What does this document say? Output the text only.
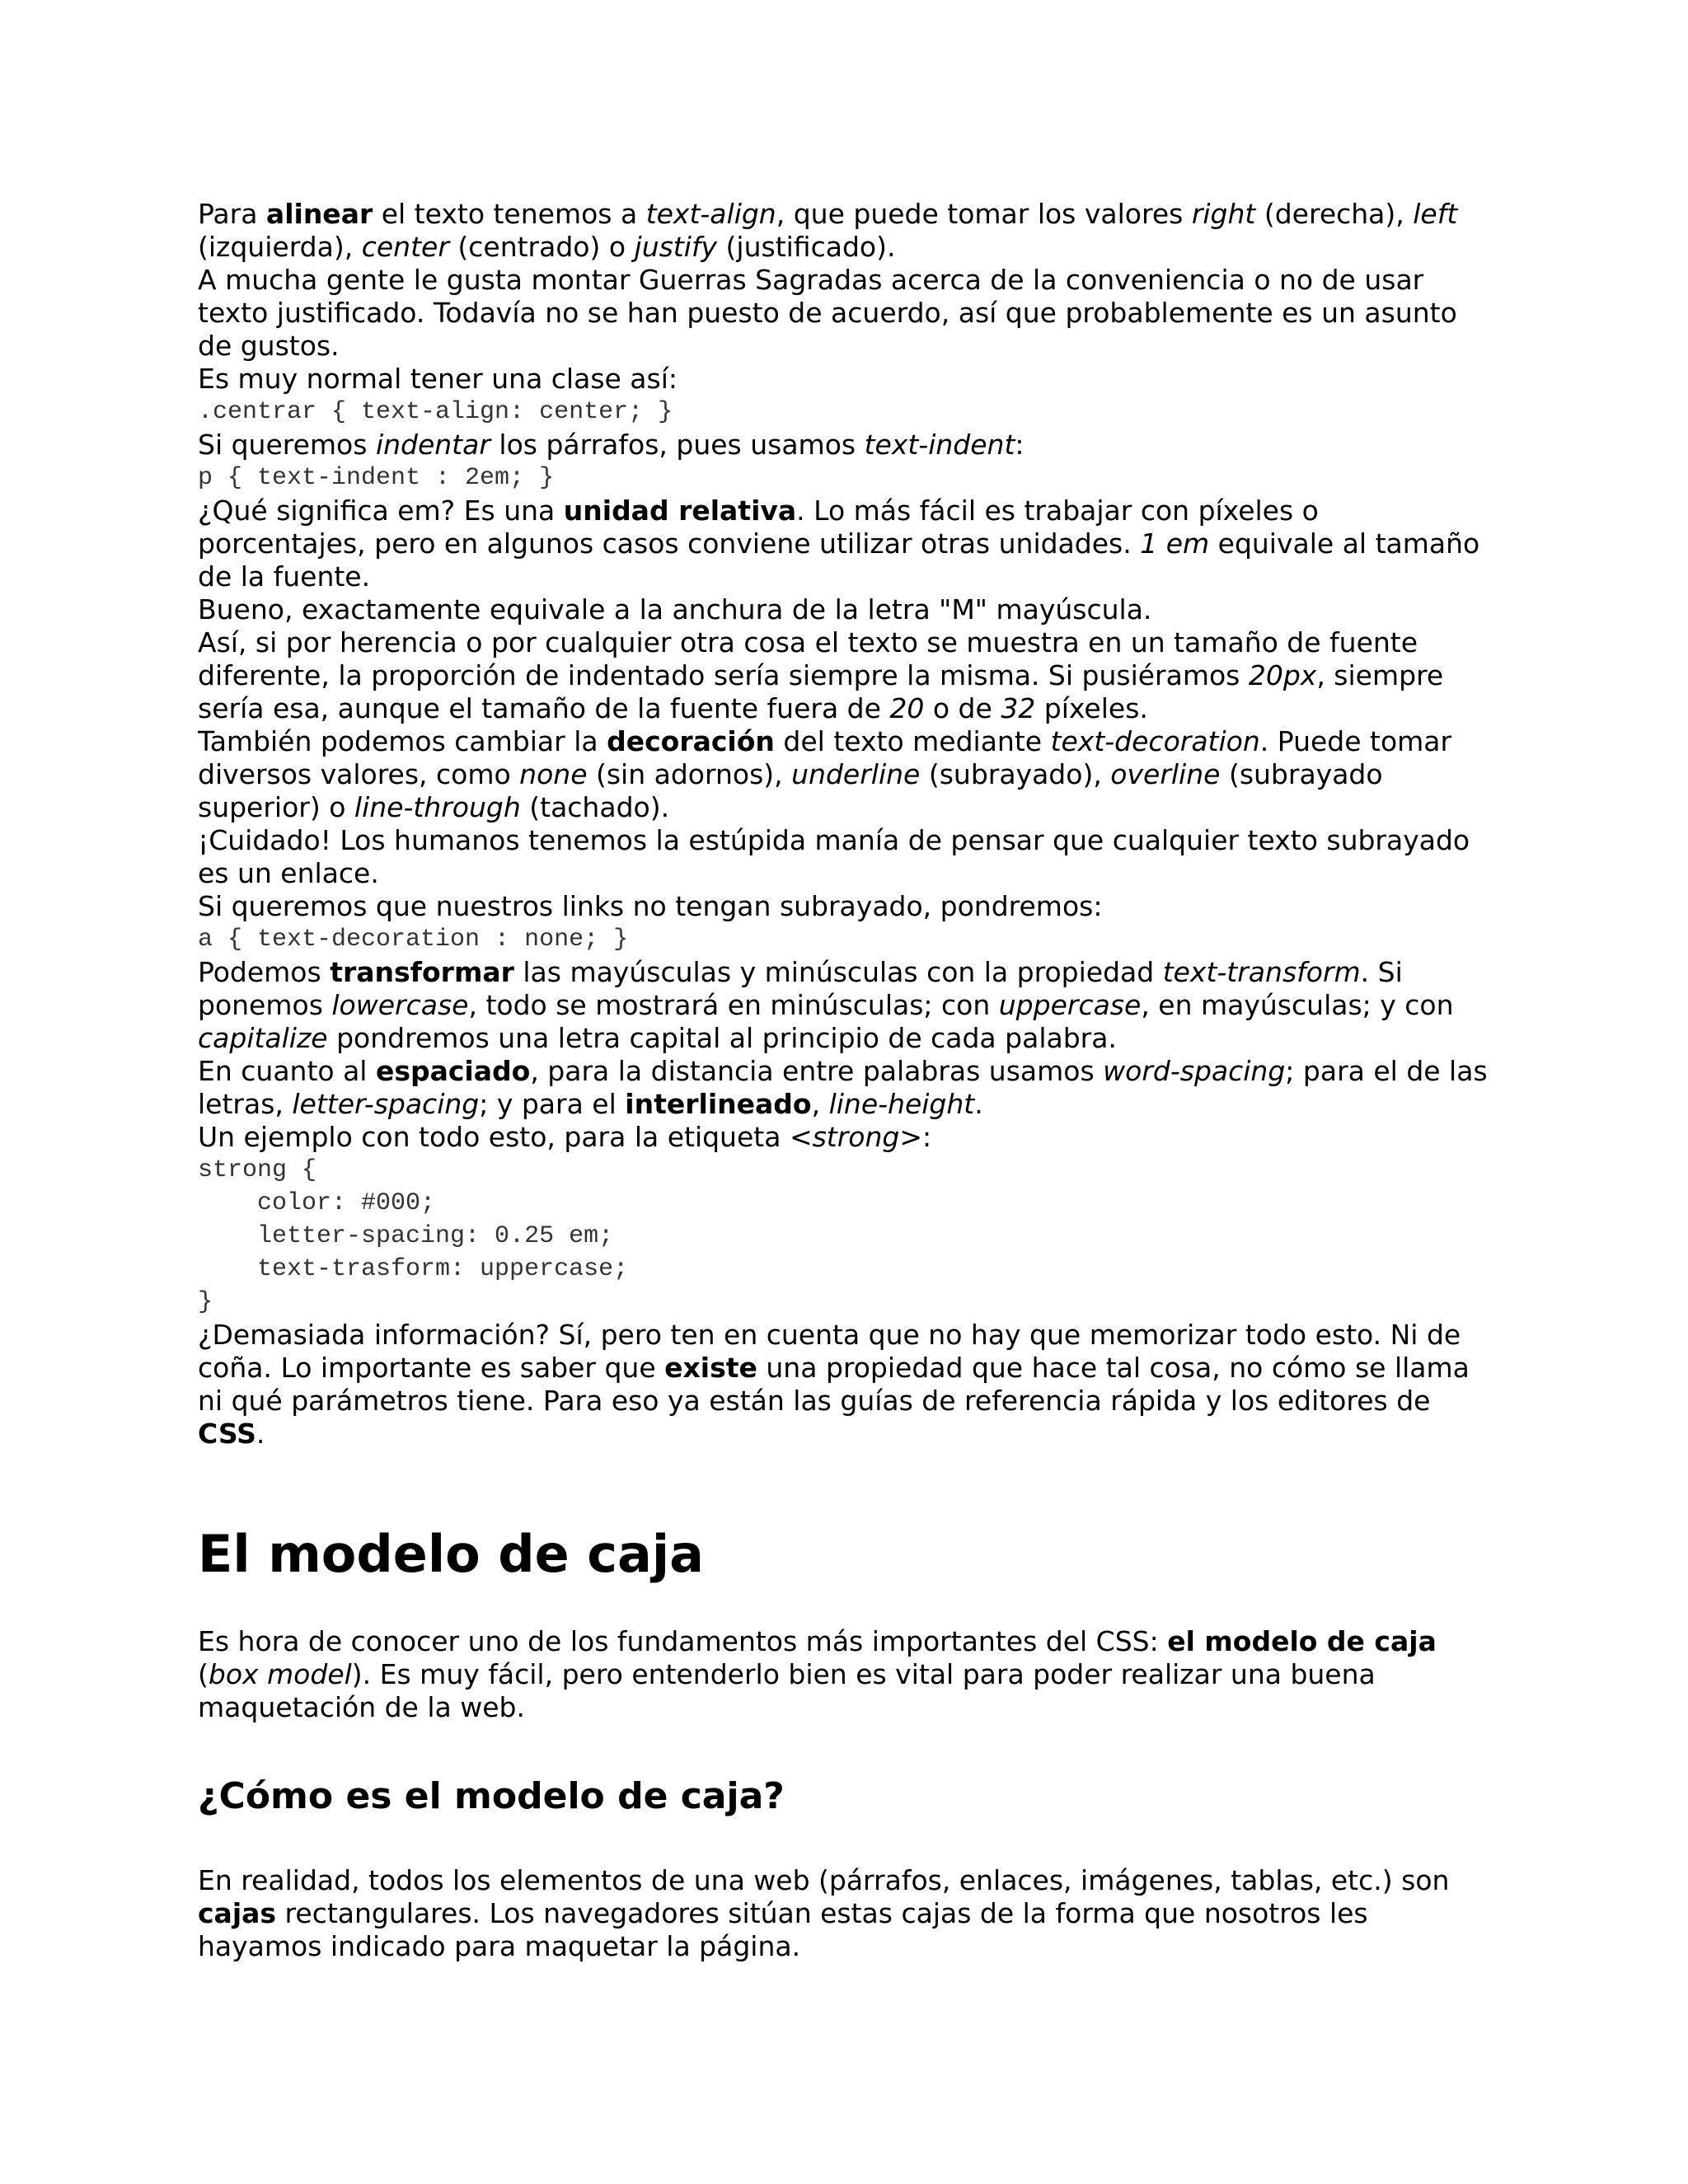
Para alinear el texto tenemos a text-align, que puede tomar los valores right (derecha), left (izquierda), center (centrado) o justify (justificado).

A mucha gente le gusta montar Guerras Sagradas acerca de la conveniencia o no de usar texto justificado. Todavía no se han puesto de acuerdo, así que probablemente es un asunto de gustos.

Es muy normal tener una clase así:

.centrar { text-align: center; }

Si queremos indentar los párrafos, pues usamos text-indent:

p { text-indent : 2em; }

¿Qué significa em? Es una unidad relativa. Lo más fácil es trabajar con píxeles o porcentajes, pero en algunos casos conviene utilizar otras unidades. 1 em equivale al tamaño de la fuente.

Bueno, exactamente equivale a la anchura de la letra "M" mayúscula.

Así, si por herencia o por cualquier otra cosa el texto se muestra en un tamaño de fuente diferente, la proporción de indentado sería siempre la misma. Si pusiéramos 20px, siempre sería esa, aunque el tamaño de la fuente fuera de 20 o de 32 píxeles.

También podemos cambiar la decoración del texto mediante text-decoration. Puede tomar diversos valores, como none (sin adornos), underline (subrayado), overline (subrayado superior) o line-through (tachado).

¡Cuidado! Los humanos tenemos la estúpida manía de pensar que cualquier texto subrayado es un enlace.

Si queremos que nuestros links no tengan subrayado, pondremos:

a { text-decoration : none; }

Podemos transformar las mayúsculas y minúsculas con la propiedad text-transform. Si ponemos lowercase, todo se mostrará en minúsculas; con uppercase, en mayúsculas; y con capitalize pondremos una letra capital al principio de cada palabra.

En cuanto al espaciado, para la distancia entre palabras usamos word-spacing; para el de las letras, letter-spacing; y para el interlineado, line-height.

Un ejemplo con todo esto, para la etiqueta <strong>:

strong {
color: #000;
letter-spacing: 0.25 em;
text-trasform: uppercase;
}

¿Demasiada información? Sí, pero ten en cuenta que no hay que memorizar todo esto. Ni de coña. Lo importante es saber que existe una propiedad que hace tal cosa, no cómo se llama ni qué parámetros tiene. Para eso ya están las guías de referencia rápida y los editores de CSS.

El modelo de caja

Es hora de conocer uno de los fundamentos más importantes del CSS: el modelo de caja (box model). Es muy fácil, pero entenderlo bien es vital para poder realizar una buena maquetación de la web.

¿Cómo es el modelo de caja?

En realidad, todos los elementos de una web (párrafos, enlaces, imágenes, tablas, etc.) son cajas rectangulares. Los navegadores sitúan estas cajas de la forma que nosotros les hayamos indicado para maquetar la página.
